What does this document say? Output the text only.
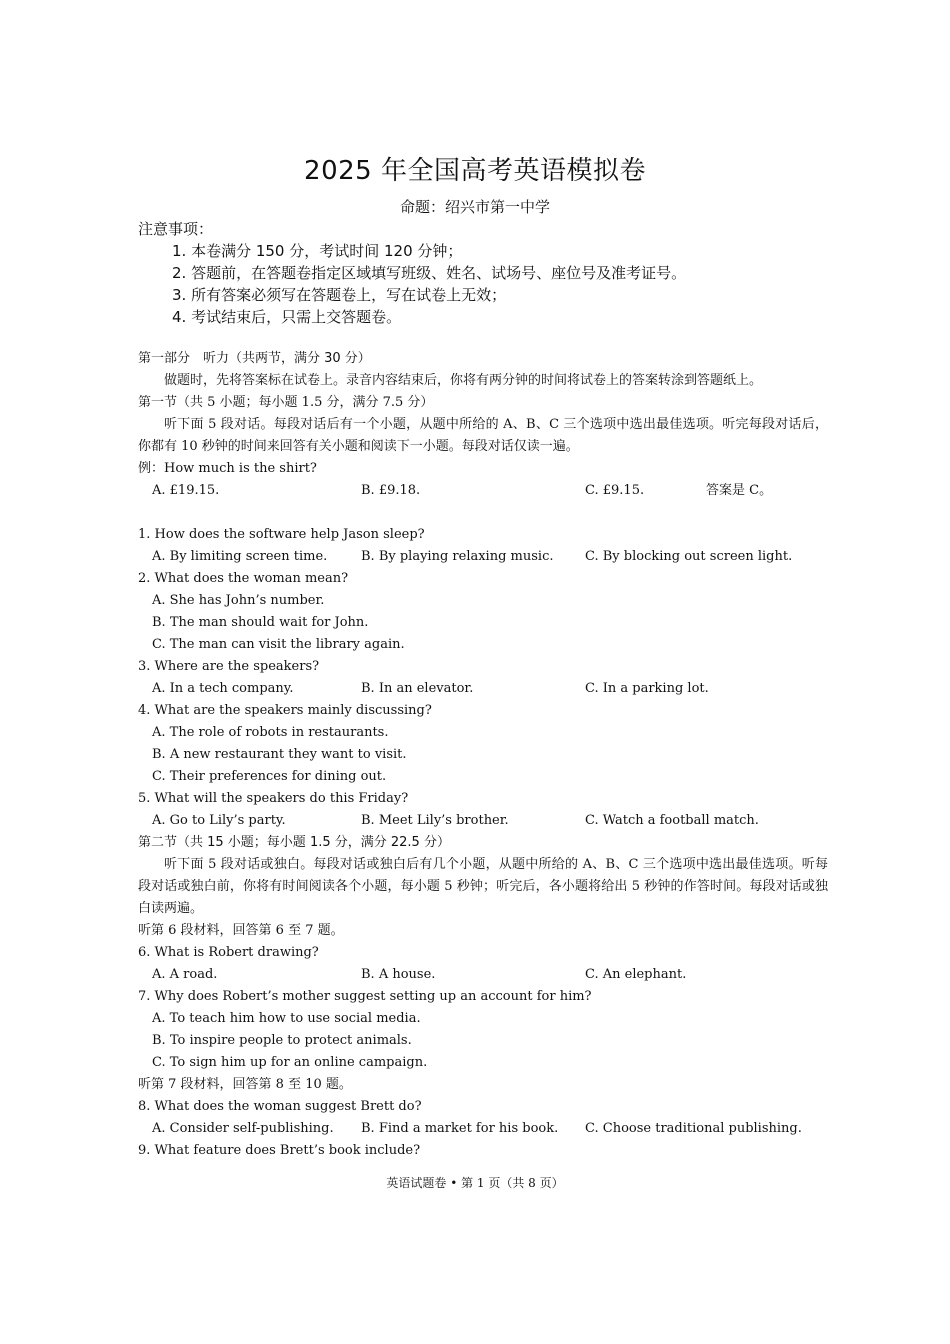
2025 年全国高考英语模拟卷
命题：绍兴市第一中学
注意事项：
1. 本卷满分 150 分，考试时间 120 分钟；
2. 答题前，在答题卷指定区域填写班级、姓名、试场号、座位号及准考证号。
3. 所有答案必须写在答题卷上，写在试卷上无效；
4. 考试结束后，只需上交答题卷。
第一部分　听力（共两节，满分 30 分）
做题时，先将答案标在试卷上。录音内容结束后，你将有两分钟的时间将试卷上的答案转涂到答题纸上。
第一节（共 5 小题；每小题 1.5 分，满分 7.5 分）
听下面 5 段对话。每段对话后有一个小题，从题中所给的 A、B、C 三个选项中选出最佳选项。听完每段对话后，你都有 10 秒钟的时间来回答有关小题和阅读下一小题。每段对话仅读一遍。
例：How much is the shirt?
A. £19.15.	B. £9.18.	C. £9.15.	答案是 C。
1. How does the software help Jason sleep?
A. By limiting screen time.	B. By playing relaxing music. C. By blocking out screen light.
2. What does the woman mean?
A. She has John’s number.
B. The man should wait for John.
C. The man can visit the library again.
3. Where are the speakers?
A. In a tech company.	B. In an elevator.	C. In a parking lot.
4. What are the speakers mainly discussing?
A. The role of robots in restaurants.
B. A new restaurant they want to visit.
C. Their preferences for dining out.
5. What will the speakers do this Friday?
A. Go to Lily’s party.	B. Meet Lily’s brother.	C. Watch a football match.
第二节（共 15 小题；每小题 1.5 分，满分 22.5 分）
听下面 5 段对话或独白。每段对话或独白后有几个小题，从题中所给的 A、B、C 三个选项中选出最佳选项。听每段对话或独白前，你将有时间阅读各个小题，每小题 5 秒钟；听完后，各小题将给出 5 秒钟的作答时间。每段对话或独白读两遍。
听第 6 段材料，回答第 6 至 7 题。
6. What is Robert drawing?
A. A road.	B. A house.	C. An elephant.
7. Why does Robert’s mother suggest setting up an account for him?
A. To teach him how to use social media.
B. To inspire people to protect animals.
C. To sign him up for an online campaign.
听第 7 段材料，回答第 8 至 10 题。
8. What does the woman suggest Brett do?
A. Consider self-publishing. B. Find a market for his book. C. Choose traditional publishing.
9. What feature does Brett’s book include?
英语试题卷 • 第 1 页（共 8 页）
